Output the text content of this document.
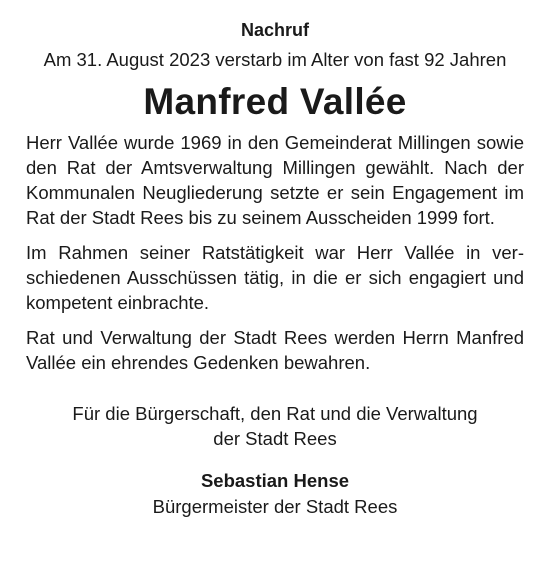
Nachruf
Am 31. August 2023 verstarb im Alter von fast 92 Jahren
Manfred Vallée

Herr Vallée wurde 1969 in den Gemeinderat Millingen sowie den Rat der Amtsverwaltung Millingen gewählt. Nach der Kommunalen Neugliederung setzte er sein Engagement im Rat der Stadt Rees bis zu seinem Ausscheiden 1999 fort.

Im Rahmen seiner Ratstätigkeit war Herr Vallée in verschiedenen Ausschüssen tätig, in die er sich engagiert und kompetent einbrachte.

Rat und Verwaltung der Stadt Rees werden Herrn Manfred Vallée ein ehrendes Gedenken bewahren.

Für die Bürgerschaft, den Rat und die Verwaltung
der Stadt Rees
Sebastian Hense
Bürgermeister der Stadt Rees
